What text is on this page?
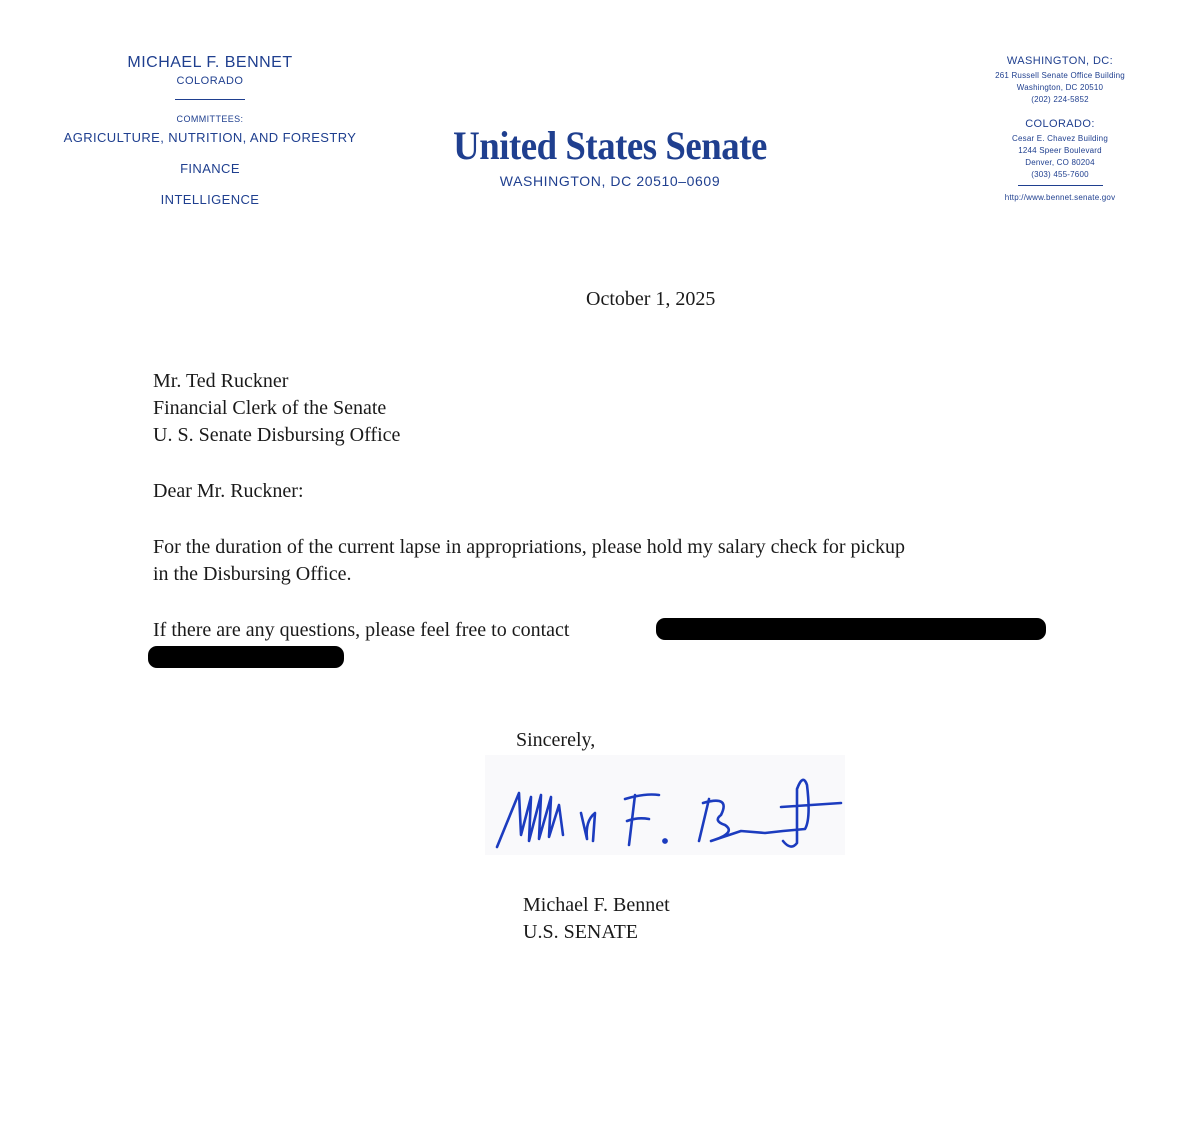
MICHAEL F. BENNET
COLORADO
COMMITTEES:
AGRICULTURE, NUTRITION, AND FORESTRY
FINANCE
INTELLIGENCE
United States Senate
WASHINGTON, DC 20510–0609
WASHINGTON, DC:
261 Russell Senate Office Building
Washington, DC 20510
(202) 224-5852
COLORADO:
Cesar E. Chavez Building
1244 Speer Boulevard
Denver, CO 80204
(303) 455-7600
http://www.bennet.senate.gov
October 1, 2025
Mr. Ted Ruckner
Financial Clerk of the Senate
U. S. Senate Disbursing Office
Dear Mr. Ruckner:
For the duration of the current lapse in appropriations, please hold my salary check for pickup
in the Disbursing Office.
If there are any questions, please feel free to contact
Sincerely,
Michael F. Bennet
U.S. SENATE
